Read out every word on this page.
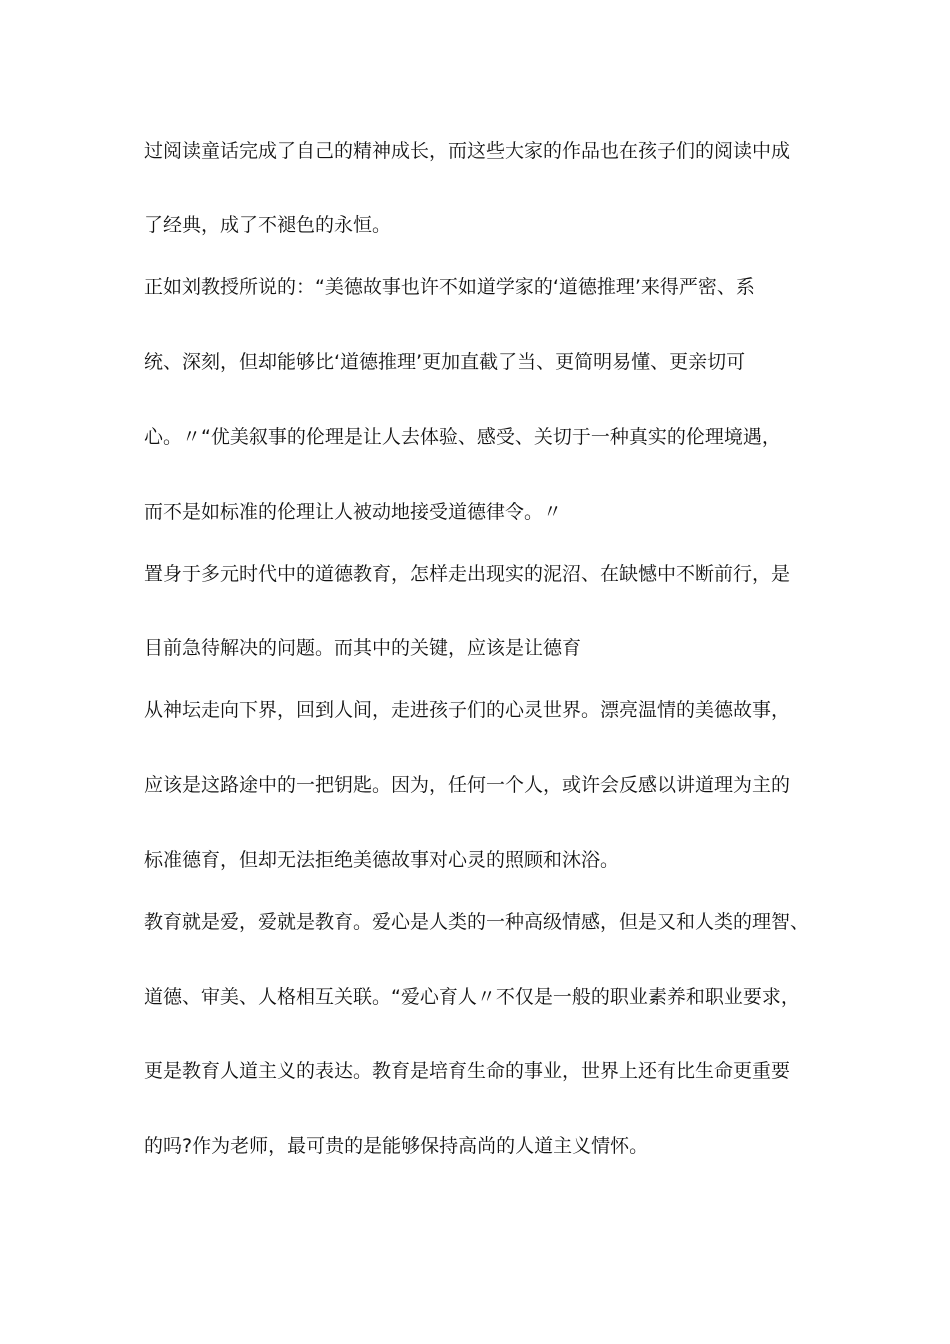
过阅读童话完成了自己的精神成长，而这些大家的作品也在孩子们的阅读中成
了经典，成了不褪色的永恒。
正如刘教授所说的：“美德故事也许不如道学家的‘道德推理’来得严密、系
统、深刻，但却能够比‘道德推理’更加直截了当、更简明易懂、更亲切可
心。〃“优美叙事的伦理是让人去体验、感受、关切于一种真实的伦理境遇，
而不是如标准的伦理让人被动地接受道德律令。〃
置身于多元时代中的道德教育，怎样走出现实的泥沼、在缺憾中不断前行，是
目前急待解决的问题。而其中的关键，应该是让德育
从神坛走向下界，回到人间，走进孩子们的心灵世界。漂亮温情的美德故事，
应该是这路途中的一把钥匙。因为，任何一个人，或许会反感以讲道理为主的
标准德育，但却无法拒绝美德故事对心灵的照顾和沐浴。
教育就是爱，爱就是教育。爱心是人类的一种高级情感，但是又和人类的理智、
道德、审美、人格相互关联。“爱心育人〃不仅是一般的职业素养和职业要求，
更是教育人道主义的表达。教育是培育生命的事业，世界上还有比生命更重要
的吗?作为老师，最可贵的是能够保持高尚的人道主义情怀。
